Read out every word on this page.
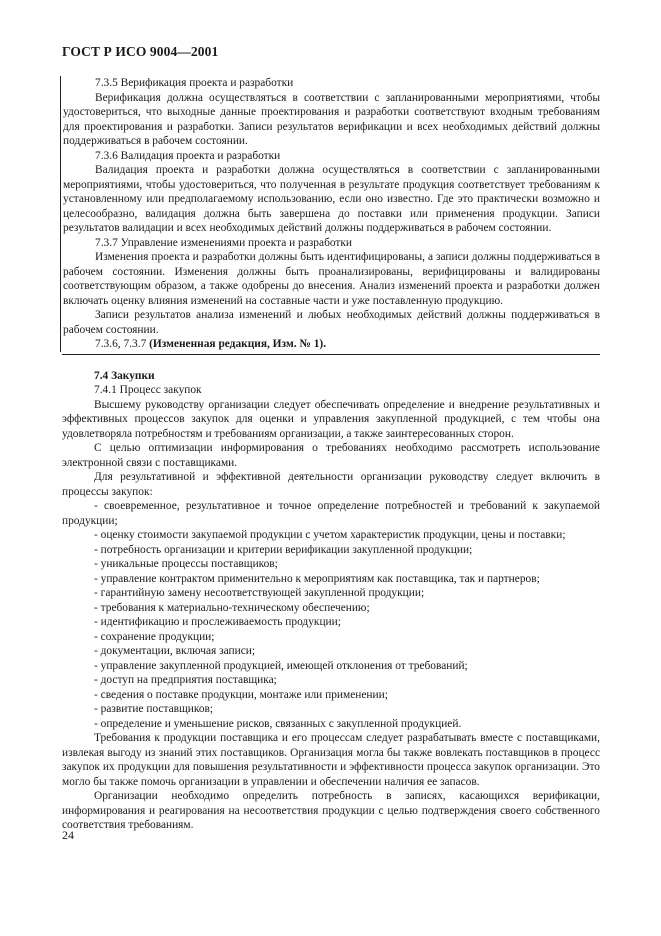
ГОСТ Р ИСО 9004—2001

7.3.5 Верификация проекта и разработки

Верификация должна осуществляться в соответствии с запланированными мероприятиями, чтобы удостовериться, что выходные данные проектирования и разработки соответствуют входным требованиям для проектирования и разработки. Записи результатов верификации и всех необходимых действий должны поддерживаться в рабочем состоянии.

7.3.6 Валидация проекта и разработки

Валидация проекта и разработки должна осуществляться в соответствии с запланированными мероприятиями, чтобы удостовериться, что полученная в результате продукция соответствует требованиям к установленному или предполагаемому использованию, если оно известно. Где это практически возможно и целесообразно, валидация должна быть завершена до поставки или применения продукции. Записи результатов валидации и всех необходимых действий должны поддерживаться в рабочем состоянии.

7.3.7 Управление изменениями проекта и разработки

Изменения проекта и разработки должны быть идентифицированы, а записи должны поддерживаться в рабочем состоянии. Изменения должны быть проанализированы, верифицированы и валидированы соответствующим образом, а также одобрены до внесения. Анализ изменений проекта и разработки должен включать оценку влияния изменений на составные части и уже поставленную продукцию.

Записи результатов анализа изменений и любых необходимых действий должны поддерживаться в рабочем состоянии.

7.3.6, 7.3.7 (Измененная редакция, Изм. № 1).

7.4 Закупки

7.4.1 Процесс закупок

Высшему руководству организации следует обеспечивать определение и внедрение результативных и эффективных процессов закупок для оценки и управления закупленной продукцией, с тем чтобы она удовлетворяла потребностям и требованиям организации, а также заинтересованных сторон.

С целью оптимизации информирования о требованиях необходимо рассмотреть использование электронной связи с поставщиками.

Для результативной и эффективной деятельности организации руководству следует включить в процессы закупок:

- своевременное, результативное и точное определение потребностей и требований к закупаемой продукции;

- оценку стоимости закупаемой продукции с учетом характеристик продукции, цены и поставки;

- потребность организации и критерии верификации закупленной продукции;

- уникальные процессы поставщиков;

- управление контрактом применительно к мероприятиям как поставщика, так и партнеров;

- гарантийную замену несоответствующей закупленной продукции;

- требования к материально-техническому обеспечению;

- идентификацию и прослеживаемость продукции;

- сохранение продукции;

- документации, включая записи;

- управление закупленной продукцией, имеющей отклонения от требований;

- доступ на предприятия поставщика;

- сведения о поставке продукции, монтаже или применении;

- развитие поставщиков;

- определение и уменьшение рисков, связанных с закупленной продукцией.

Требования к продукции поставщика и его процессам следует разрабатывать вместе с поставщиками, извлекая выгоду из знаний этих поставщиков. Организация могла бы также вовлекать поставщиков в процесс закупок их продукции для повышения результативности и эффективности процесса закупок организации. Это могло бы также помочь организации в управлении и обеспечении наличия ее запасов.

Организации необходимо определить потребность в записях, касающихся верификации, информирования и реагирования на несоответствия продукции с целью подтверждения своего собственного соответствия требованиям.

24
